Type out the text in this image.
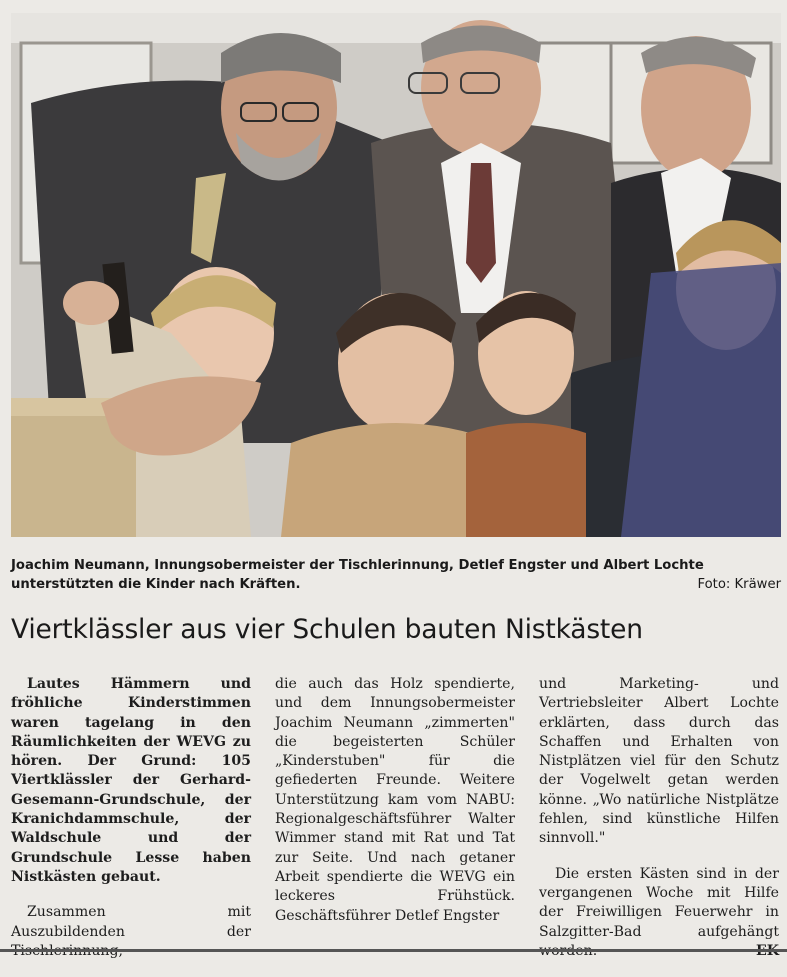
Joachim Neumann, Innungsobermeister der Tischlerinnung, Detlef Engster und Albert Lochte unterstützten die Kinder nach Kräften.	Foto: Kräwer
Viertklässler aus vier Schulen bauten Nistkästen

Lautes Hämmern und fröhliche Kinderstimmen waren tagelang in den Räumlichkeiten der WEVG zu hören. Der Grund: 105 Viertklässler der Gerhard-Gesemann-Grundschule, der Kranichdammschule, der Waldschule und der Grundschule Lesse haben Nistkästen gebaut.

Zusammen mit Auszubildenden der

die auch das Holz spendierte, und dem Innungsobermeister Joachim Neumann „zimmerten" die begeisterten Schüler „Kinderstuben" für die gefiederten Freunde. Weitere Unterstützung kam vom NABU: Regionalgeschäftsführer Walter Wimmer stand mit Rat und Tat zur Seite. Und nach getaner Arbeit spendierte die WEVG ein leckeres Frühstück. Geschäftsführer Detlef Engster

und Marketing- und Vertriebsleiter Albert Lochte erklärten, dass durch das Schaffen und Erhalten von Nistplätzen viel für den Schutz der Vogelwelt getan werden könne. „Wo natürliche Nistplätze fehlen, sind künstliche Hilfen sinnvoll."

Die ersten Kästen sind in der vergangenen Woche mit Hilfe der Freiwilligen Feuerwehr in Salzgitter-Bad aufgehängt
